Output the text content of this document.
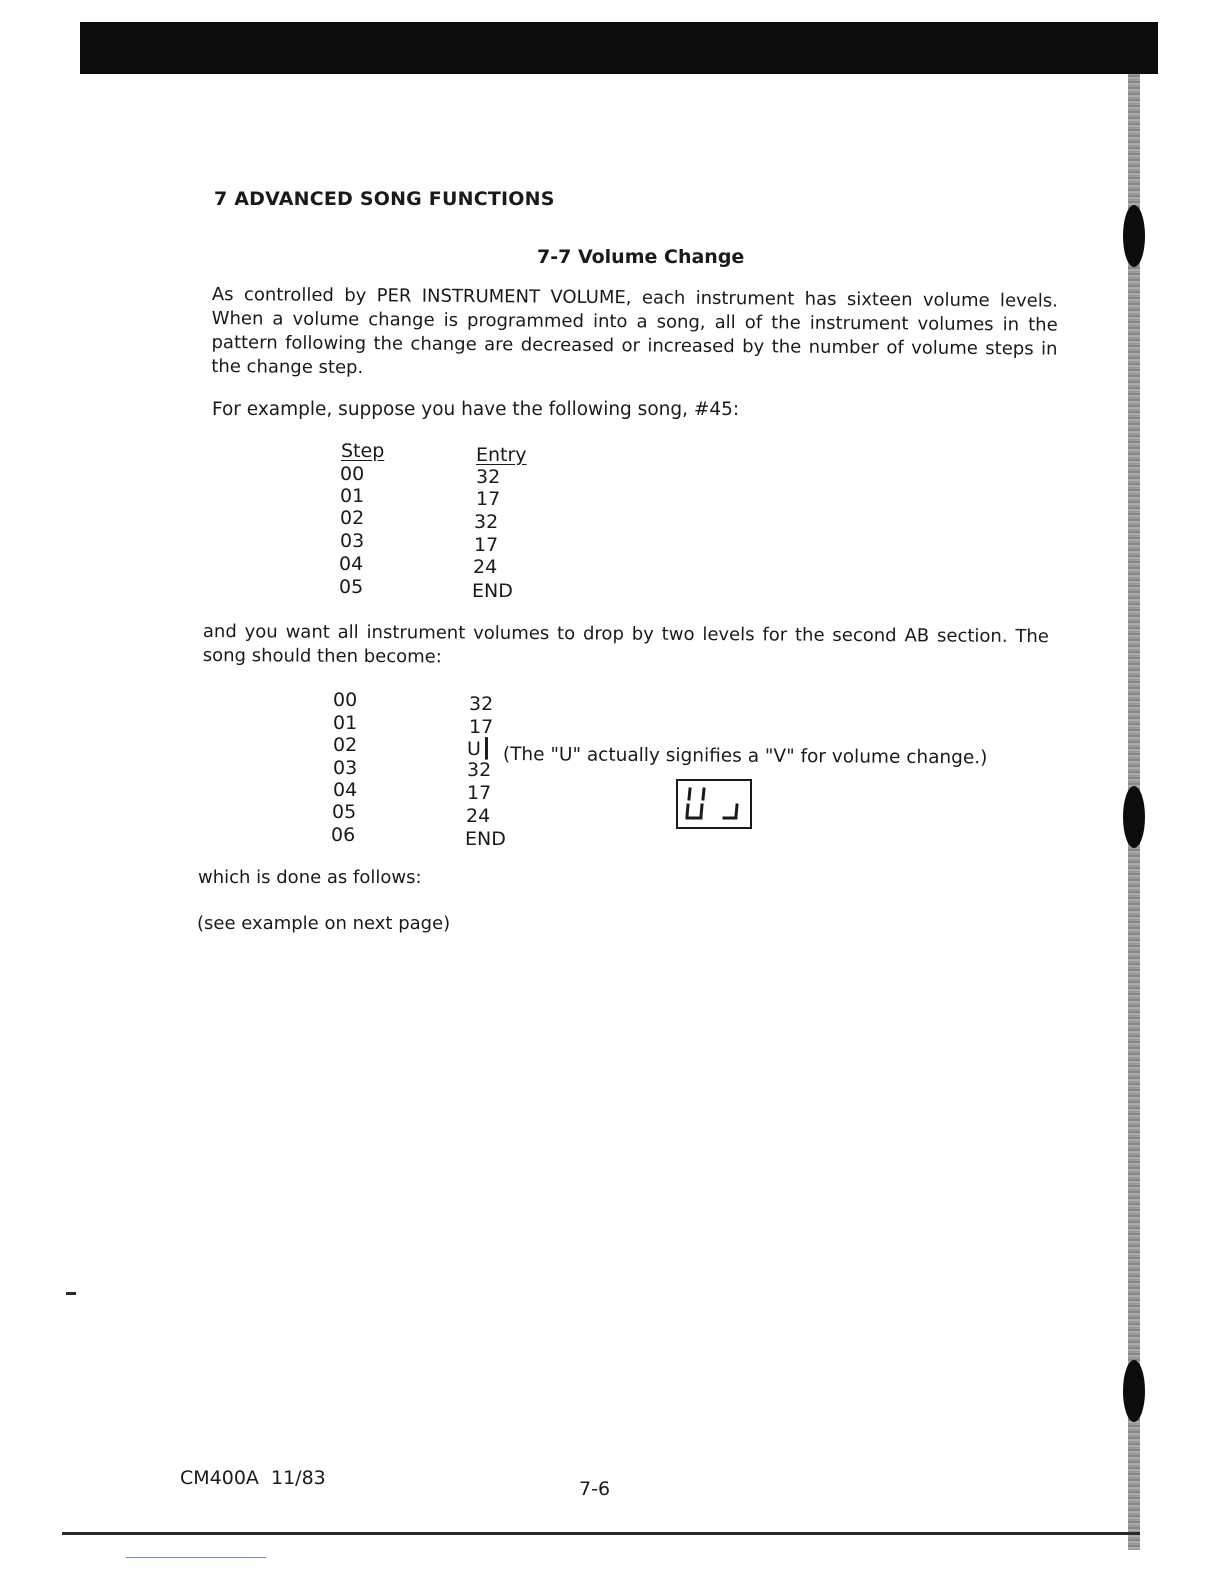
7 ADVANCED SONG FUNCTIONS
7-7 Volume Change
As controlled by PER INSTRUMENT VOLUME, each instrument has sixteen volume levels. When a volume change is programmed into a song, all of the instrument volumes in the pattern following the change are decreased or increased by the number of volume steps in the change step.
For example, suppose you have the following song, #45:
Step	Entry
00	32
01	17
02	32
03	17
04	24
05	END
and you want all instrument volumes to drop by two levels for the second AB section. The song should then become:
00	32
01	17
02	U┃
03	32
04	17
05	24
06	END
(The "U" actually signifies a "V" for volume change.)
which is done as follows:
(see example on next page)
CM400A  11/83	7-6
